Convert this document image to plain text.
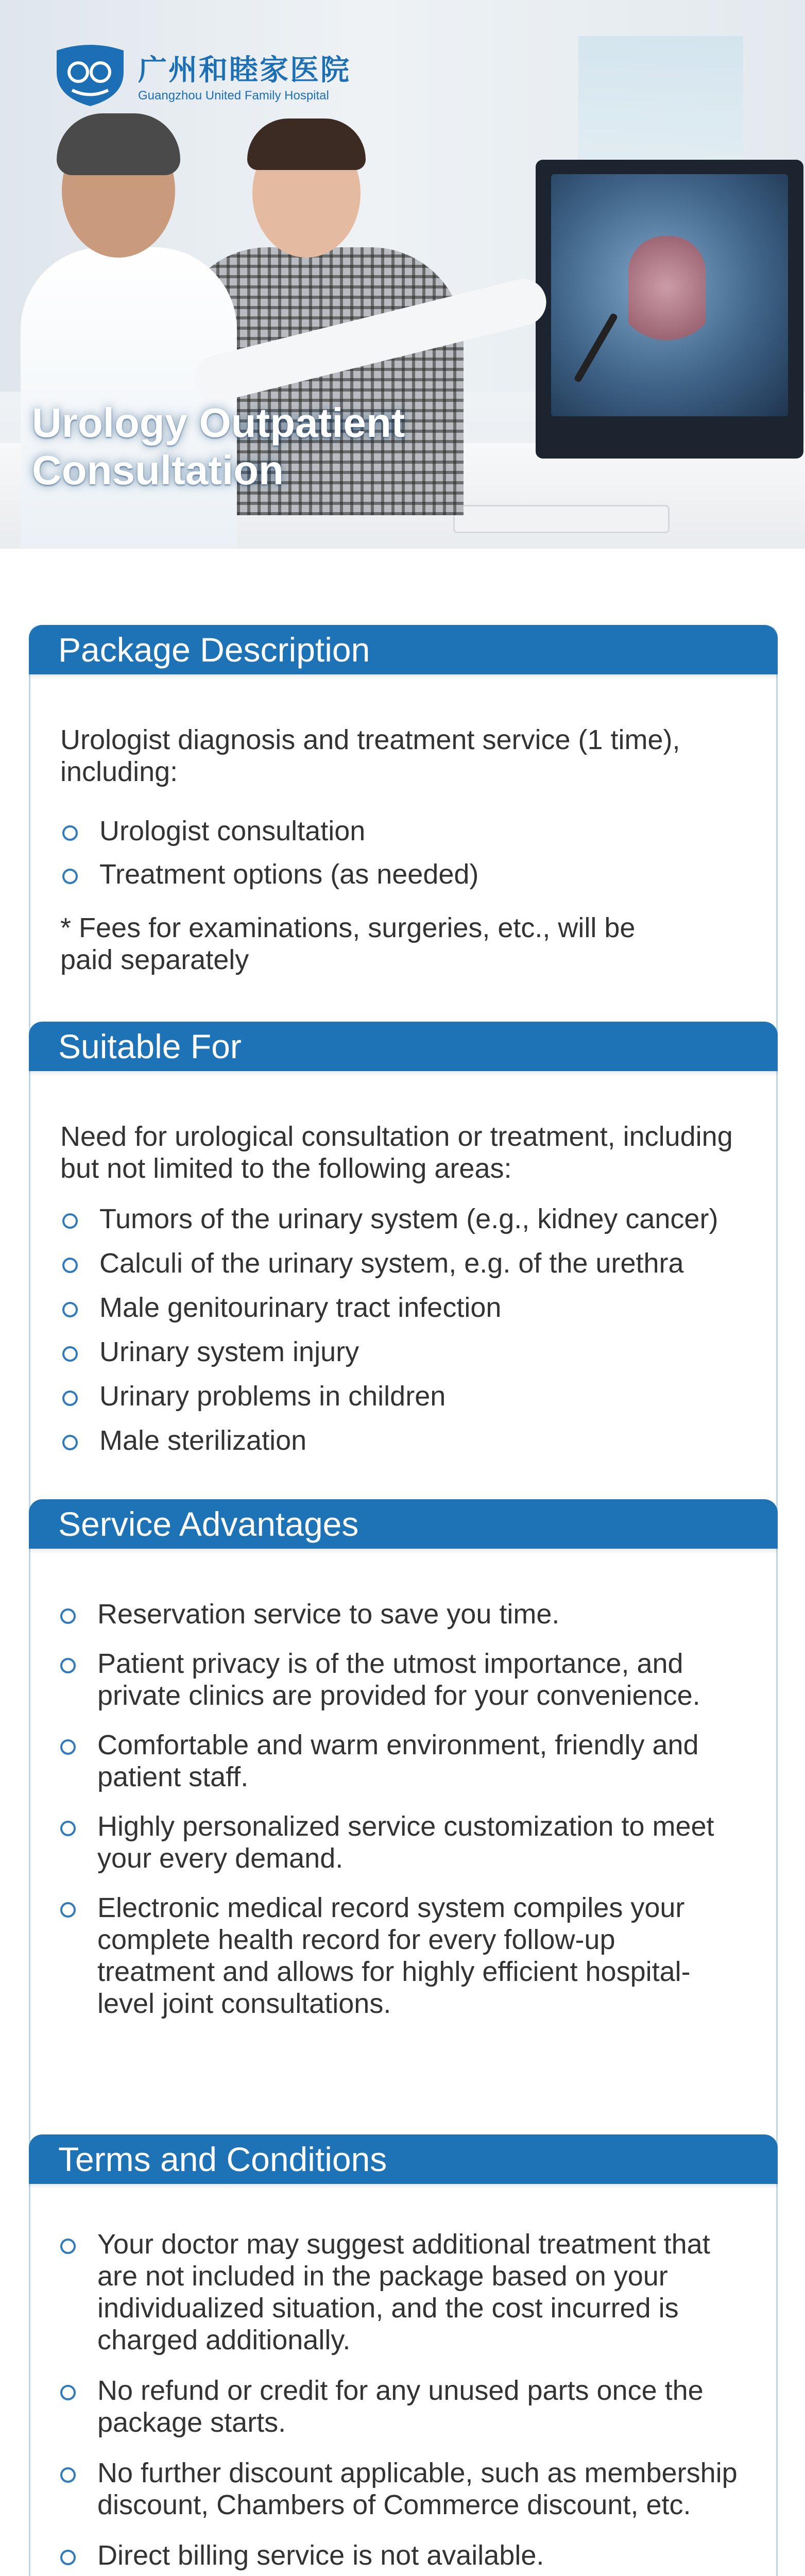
广州和睦家医院
Guangzhou United Family Hospital
Urology Outpatient
Consultation
Package Description
Urologist diagnosis and treatment service (1 time), including:
Urologist consultation
Treatment options (as needed)
* Fees for examinations, surgeries, etc., will be paid separately
Suitable For
Need for urological consultation or treatment, including but not limited to the following areas:
Tumors of the urinary system (e.g., kidney cancer)
Calculi of the urinary system, e.g. of the urethra
Male genitourinary tract infection
Urinary system injury
Urinary problems in children
Male sterilization
Service Advantages
Reservation service to save you time.
Patient privacy is of the utmost importance, and private clinics are provided for your convenience.
Comfortable and warm environment, friendly and patient staff.
Highly personalized service customization to meet your every demand.
Electronic medical record system compiles your complete health record for every follow-up treatment and allows for highly efficient hospital-level joint consultations.
Terms and Conditions
Your doctor may suggest additional treatment that are not included in the package based on your individualized situation, and the cost incurred is charged additionally.
No refund or credit for any unused parts once the package starts.
No further discount applicable, such as membership discount, Chambers of Commerce discount, etc.
Direct billing service is not available.
